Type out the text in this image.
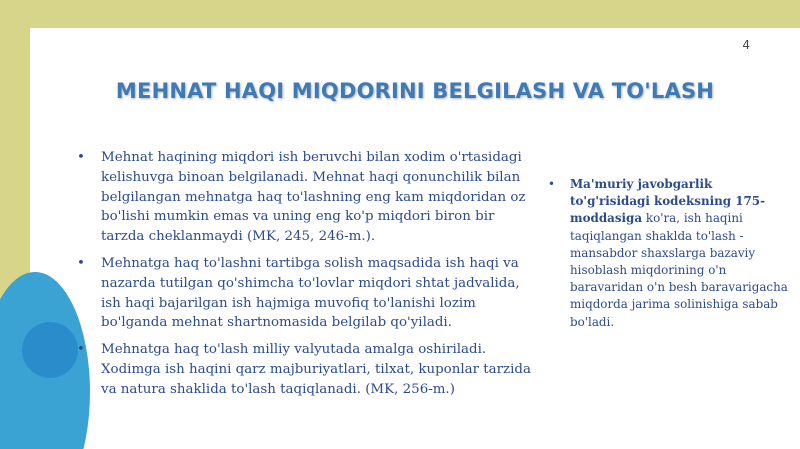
4
MEHNAT HAQI MIQDORINI BELGILASH VA TO'LASH
• Mehnat haqining miqdori ish beruvchi bilan xodim o'rtasidagi kelishuvga binoan belgilanadi. Mehnat haqi qonunchilik bilan belgilangan mehnatga haq to'lashning eng kam miqdoridan oz bo'lishi mumkin emas va uning eng ko'p miqdori biron bir tarzda cheklanmaydi (MK, 245, 246-m.).
• Mehnatga haq to'lashni tartibga solish maqsadida ish haqi va nazarda tutilgan qo'shimcha to'lovlar miqdori shtat jadvalida, ish haqi bajarilgan ish hajmiga muvofiq to'lanishi lozim bo'lganda mehnat shartnomasida belgilab qo'yiladi.
• Mehnatga haq to'lash milliy valyutada amalga oshiriladi. Xodimga ish haqini qarz majburiyatlari, tilxat, kuponlar tarzida va natura shaklida to'lash taqiqlanadi. (MK, 256-m.)
• Ma'muriy javobgarlik to'g'risidagi kodeksning 175-moddasiga ko'ra, ish haqini taqiqlangan shaklda to'lash - mansabdor shaxslarga bazaviy hisoblash miqdorining o'n baravaridan o'n besh baravarigacha miqdorda jarima solinishiga sabab bo'ladi.
